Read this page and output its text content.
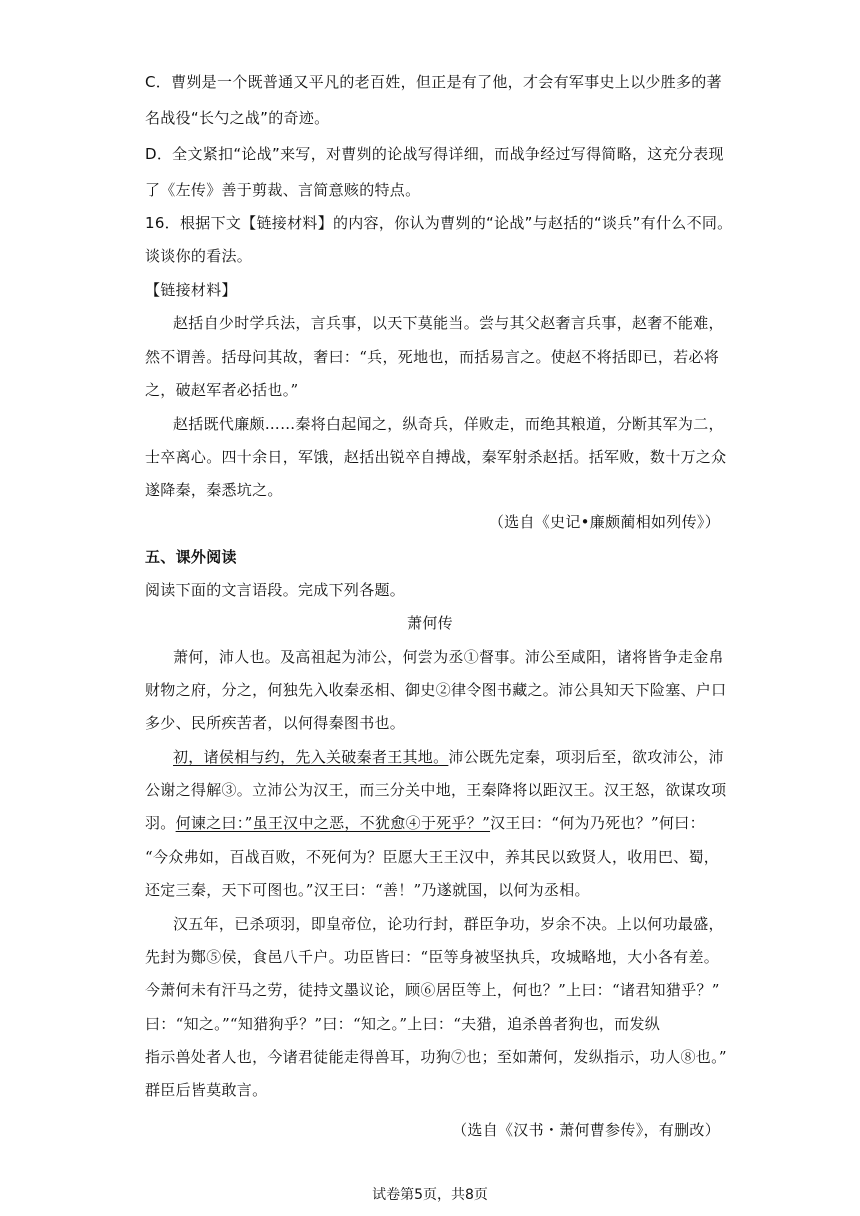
C．曹刿是一个既普通又平凡的老百姓，但正是有了他，才会有军事史上以少胜多的著
名战役“长勺之战”的奇迹。
D．全文紧扣“论战”来写，对曹刿的论战写得详细，而战争经过写得简略，这充分表现
了《左传》善于剪裁、言简意赅的特点。
16．根据下文【链接材料】的内容，你认为曹刿的“论战”与赵括的“谈兵”有什么不同。
谈谈你的看法。
【链接材料】
赵括自少时学兵法，言兵事，以天下莫能当。尝与其父赵奢言兵事，赵奢不能难，
然不谓善。括母问其故，奢曰：“兵，死地也，而括易言之。使赵不将括即已，若必将
之，破赵军者必括也。”
赵括既代廉颇……秦将白起闻之，纵奇兵，佯败走，而绝其粮道，分断其军为二，
士卒离心。四十余日，军饿，赵括出锐卒自搏战，秦军射杀赵括。括军败，数十万之众
遂降秦，秦悉坑之。
（选自《史记•廉颇蔺相如列传》）
五、课外阅读
阅读下面的文言语段。完成下列各题。
萧何传
萧何，沛人也。及高祖起为沛公，何尝为丞①督事。沛公至咸阳，诸将皆争走金帛
财物之府，分之，何独先入收秦丞相、御史②律令图书藏之。沛公具知天下险塞、户口
多少、民所疾苦者，以何得秦图书也。
初，诸侯相与约，先入关破秦者王其地。沛公既先定秦，项羽后至，欲攻沛公，沛
公谢之得解③。立沛公为汉王，而三分关中地，王秦降将以距汉王。汉王怒，欲谋攻项
羽。何谏之曰：”虽王汉中之恶，不犹愈④于死乎？”汉王曰：“何为乃死也？”何曰：
“今众弗如，百战百败，不死何为？臣愿大王王汉中，养其民以致贤人，收用巴、蜀，
还定三秦，天下可图也。”汉王曰：“善！”乃遂就国，以何为丞相。
汉五年，已杀项羽，即皇帝位，论功行封，群臣争功，岁余不决。上以何功最盛，
先封为酂⑤侯，食邑八千户。功臣皆曰：“臣等身被坚执兵，攻城略地，大小各有差。
今萧何未有汗马之劳，徒持文墨议论，顾⑥居臣等上，何也？”上曰：“诸君知猎乎？”
曰：“知之。”“知猎狗乎？”曰：“知之。”上曰：“夫猎，追杀兽者狗也，而发纵
指示兽处者人也，今诸君徒能走得兽耳，功狗⑦也；至如萧何，发纵指示，功人⑧也。”
群臣后皆莫敢言。
（选自《汉书・萧何曹参传》，有删改）
试卷第5页，共8页
